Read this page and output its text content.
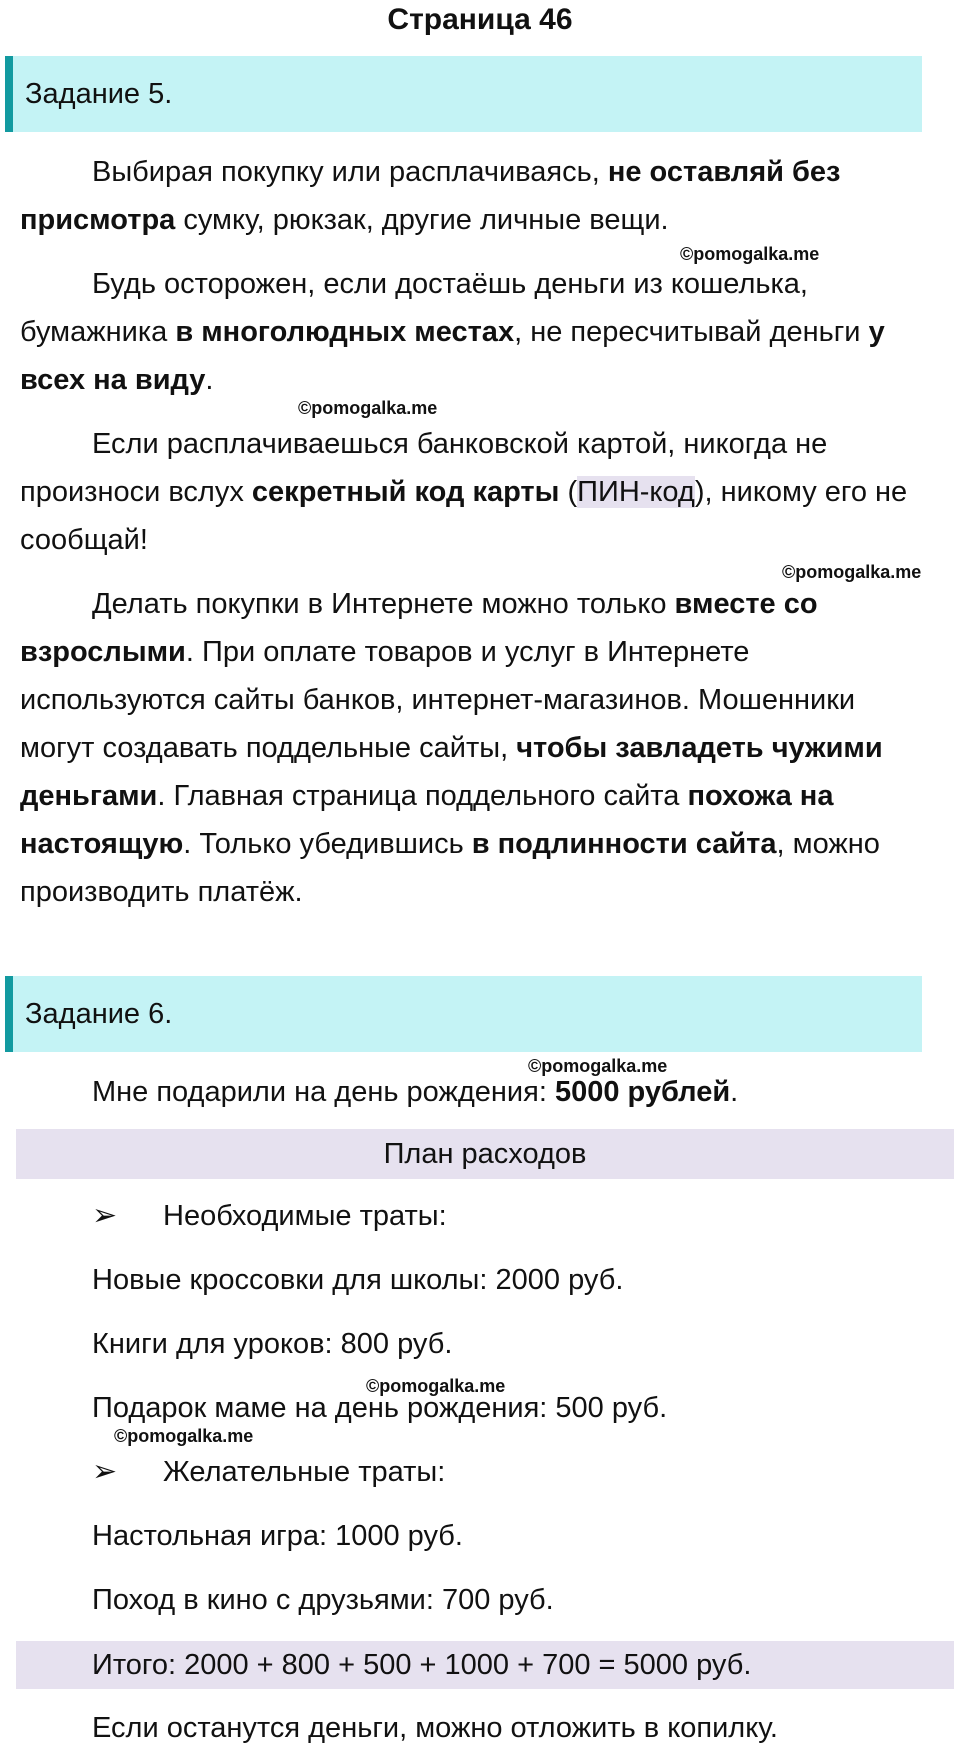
Страница 46
Задание 5.

Выбирая покупку или расплачиваясь, не оставляй без присмотра сумку, рюкзак, другие личные вещи.

©pomogalka.me

Будь осторожен, если достаёшь деньги из кошелька, бумажника в многолюдных местах, не пересчитывай деньги у всех на виду.

©pomogalka.me

Если расплачиваешься банковской картой, никогда не произноси вслух секретный код карты (ПИН-код), никому его не сообщай!

©pomogalka.me

Делать покупки в Интернете можно только вместе со взрослыми. При оплате товаров и услуг в Интернете используются сайты банков, интернет-магазинов. Мошенники могут создавать поддельные сайты, чтобы завладеть чужими деньгами. Главная страница поддельного сайта похожа на настоящую. Только убедившись в подлинности сайта, можно производить платёж.

Задание 6.
©pomogalka.me
Мне подарили на день рождения: 5000 рублей.
План расходов
➢ Необходимые траты:
Новые кроссовки для школы: 2000 руб.
Книги для уроков: 800 руб.
©pomogalka.me
Подарок маме на день рождения: 500 руб.
©pomogalka.me
➢ Желательные траты:
Настольная игра: 1000 руб.
Поход в кино с друзьями: 700 руб.
Итого: 2000 + 800 + 500 + 1000 + 700 = 5000 руб.
Если останутся деньги, можно отложить в копилку.
